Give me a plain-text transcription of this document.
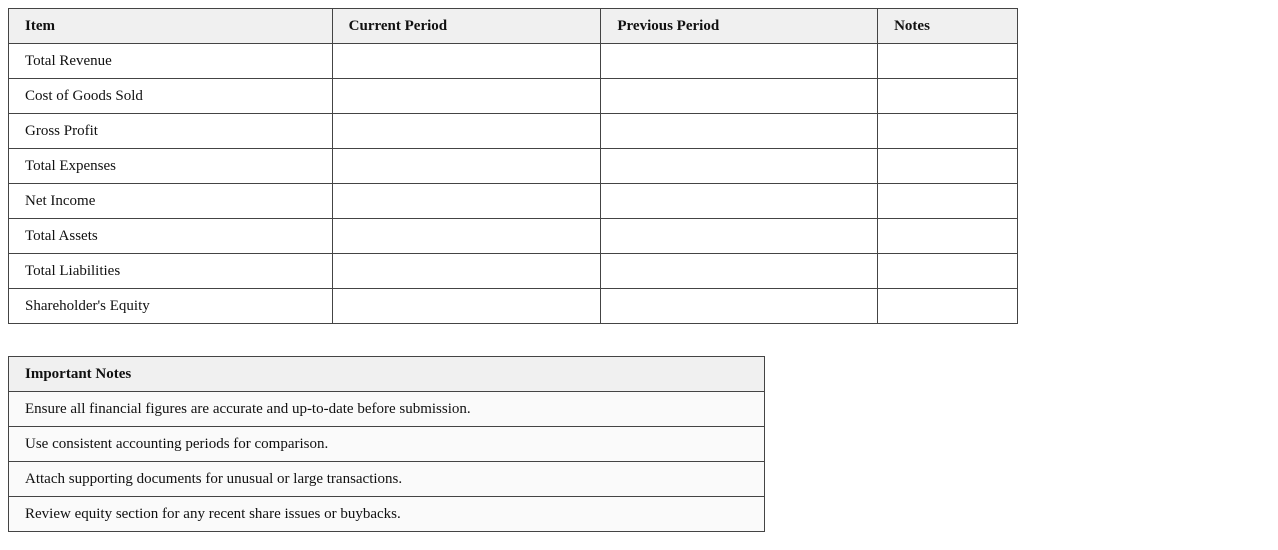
Item	Current Period	Previous Period	Notes
Total Revenue			
Cost of Goods Sold			
Gross Profit			
Total Expenses			
Net Income			
Total Assets			
Total Liabilities			
Shareholder's Equity			
Important Notes
Ensure all financial figures are accurate and up-to-date before submission.
Use consistent accounting periods for comparison.
Attach supporting documents for unusual or large transactions.
Review equity section for any recent share issues or buybacks.
